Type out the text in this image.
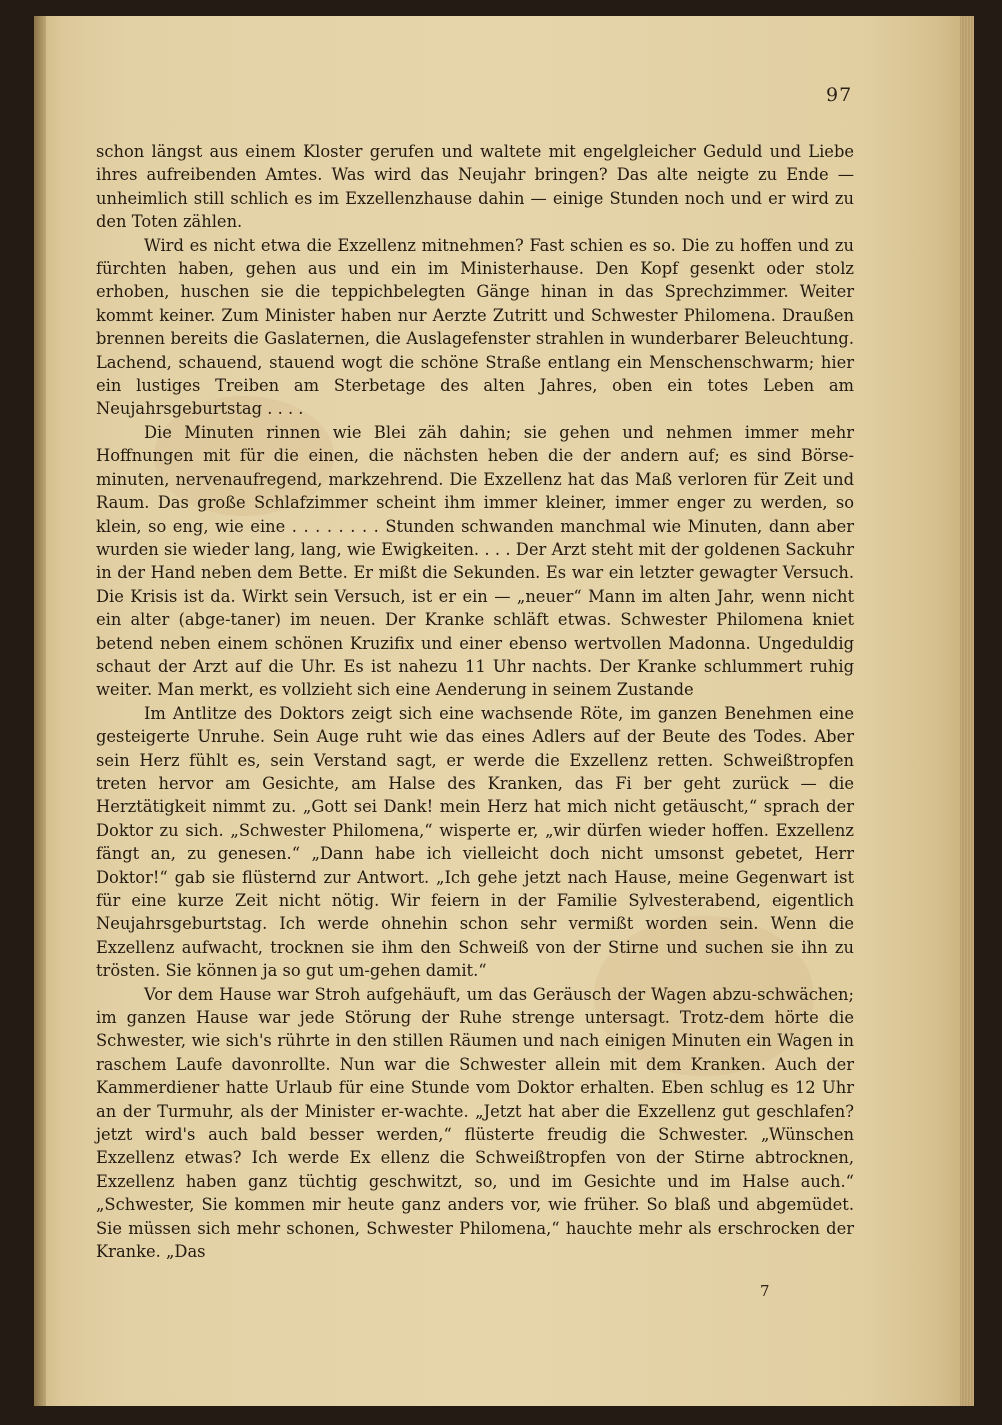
97

schon längst aus einem Kloster gerufen und waltete mit engelgleicher Geduld und Liebe ihres aufreibenden Amtes. Was wird das Neujahr bringen? Das alte neigte zu Ende — unheimlich still schlich es im Exzellenzhause dahin — einige Stunden noch und er wird zu den Toten zählen.

Wird es nicht etwa die Exzellenz mitnehmen? Fast schien es so. Die zu hoffen und zu fürchten haben, gehen aus und ein im Ministerhause. Den Kopf gesenkt oder stolz erhoben, huschen sie die teppichbelegten Gänge hinan in das Sprechzimmer. Weiter kommt keiner. Zum Minister haben nur Aerzte Zutritt und Schwester Philomena. Draußen brennen bereits die Gaslaternen, die Auslagefenster strahlen in wunderbarer Beleuchtung. Lachend, schauend, stauend wogt die schöne Straße entlang ein Menschenschwarm; hier ein lustiges Treiben am Sterbetage des alten Jahres, oben ein totes Leben am Neujahrsgeburtstag . . . .

Die Minuten rinnen wie Blei zäh dahin; sie gehen und nehmen immer mehr Hoffnungen mit für die einen, die nächsten heben die der andern auf; es sind Börse-minuten, nervenaufregend, markzehrend. Die Exzellenz hat das Maß verloren für Zeit und Raum. Das große Schlafzimmer scheint ihm immer kleiner, immer enger zu werden, so klein, so eng, wie eine . . . . . . . . Stunden schwanden manchmal wie Minuten, dann aber wurden sie wieder lang, lang, wie Ewigkeiten. . . . Der Arzt steht mit der goldenen Sackuhr in der Hand neben dem Bette. Er mißt die Sekunden. Es war ein letzter gewagter Versuch. Die Krisis ist da. Wirkt sein Versuch, ist er ein — „neuer“ Mann im alten Jahr, wenn nicht ein alter (abge-taner) im neuen. Der Kranke schläft etwas. Schwester Philomena kniet betend neben einem schönen Kruzifix und einer ebenso wertvollen Madonna. Ungeduldig schaut der Arzt auf die Uhr. Es ist nahezu 11 Uhr nachts. Der Kranke schlummert ruhig weiter. Man merkt, es vollzieht sich eine Aenderung in seinem Zustande

Im Antlitze des Doktors zeigt sich eine wachsende Röte, im ganzen Benehmen eine gesteigerte Unruhe. Sein Auge ruht wie das eines Adlers auf der Beute des Todes. Aber sein Herz fühlt es, sein Verstand sagt, er werde die Exzellenz retten. Schweißtropfen treten hervor am Gesichte, am Halse des Kranken, das Fi ber geht zurück — die Herztätigkeit nimmt zu. „Gott sei Dank! mein Herz hat mich nicht getäuscht,“ sprach der Doktor zu sich. „Schwester Philomena,“ wisperte er, „wir dürfen wieder hoffen. Exzellenz fängt an, zu genesen.“ „Dann habe ich vielleicht doch nicht umsonst gebetet, Herr Doktor!“ gab sie flüsternd zur Antwort. „Ich gehe jetzt nach Hause, meine Gegenwart ist für eine kurze Zeit nicht nötig. Wir feiern in der Familie Sylvesterabend, eigentlich Neujahrsgeburtstag. Ich werde ohnehin schon sehr vermißt worden sein. Wenn die Exzellenz aufwacht, trocknen sie ihm den Schweiß von der Stirne und suchen sie ihn zu trösten. Sie können ja so gut um-gehen damit.“

Vor dem Hause war Stroh aufgehäuft, um das Geräusch der Wagen abzu-schwächen; im ganzen Hause war jede Störung der Ruhe strenge untersagt. Trotz-dem hörte die Schwester, wie sich's rührte in den stillen Räumen und nach einigen Minuten ein Wagen in raschem Laufe davonrollte. Nun war die Schwester allein mit dem Kranken. Auch der Kammerdiener hatte Urlaub für eine Stunde vom Doktor erhalten. Eben schlug es 12 Uhr an der Turmuhr, als der Minister er-wachte. „Jetzt hat aber die Exzellenz gut geschlafen? jetzt wird's auch bald besser werden,“ flüsterte freudig die Schwester. „Wünschen Exzellenz etwas? Ich werde Ex ellenz die Schweißtropfen von der Stirne abtrocknen, Exzellenz haben ganz tüchtig geschwitzt, so, und im Gesichte und im Halse auch.“ „Schwester, Sie kommen mir heute ganz anders vor, wie früher. So blaß und abgemüdet. Sie müssen sich mehr schonen, Schwester Philomena,“ hauchte mehr als erschrocken der Kranke. „Das

7
